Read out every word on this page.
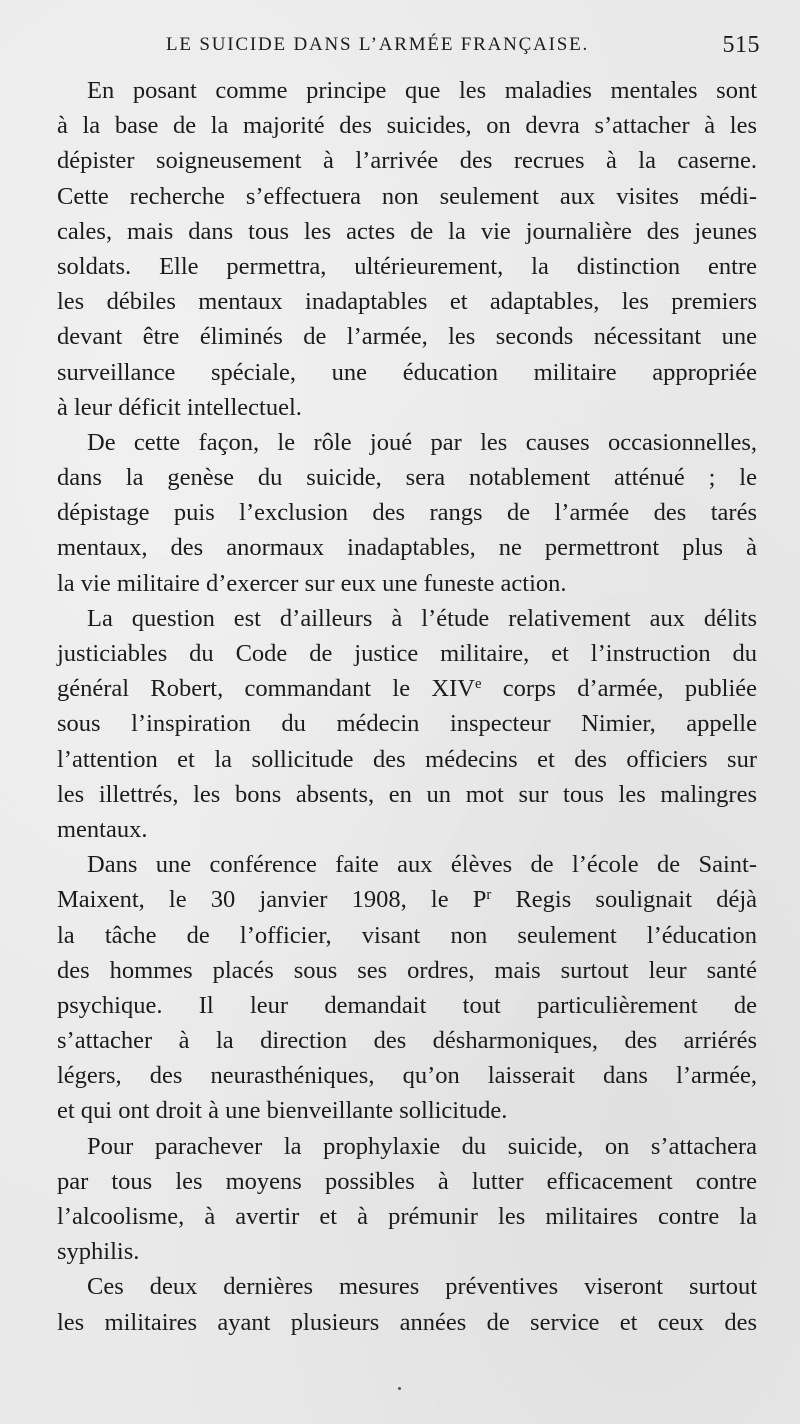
LE SUICIDE DANS L’ARMÉE FRANÇAISE.	515
En posant comme principe que les maladies mentales sont
à la base de la majorité des suicides, on devra s’attacher à les
dépister soigneusement à l’arrivée des recrues à la caserne.
Cette recherche s’effectuera non seulement aux visites médi-
cales, mais dans tous les actes de la vie journalière des jeunes
soldats. Elle permettra, ultérieurement, la distinction entre
les débiles mentaux inadaptables et adaptables, les premiers
devant être éliminés de l’armée, les seconds nécessitant une
surveillance spéciale, une éducation militaire appropriée
à leur déficit intellectuel.
De cette façon, le rôle joué par les causes occasionnelles,
dans la genèse du suicide, sera notablement atténué ; le
dépistage puis l’exclusion des rangs de l’armée des tarés
mentaux, des anormaux inadaptables, ne permettront plus à
la vie militaire d’exercer sur eux une funeste action.
La question est d’ailleurs à l’étude relativement aux délits
justiciables du Code de justice militaire, et l’instruction du
général Robert, commandant le XIVe corps d’armée, publiée
sous l’inspiration du médecin inspecteur Nimier, appelle
l’attention et la sollicitude des médecins et des officiers sur
les illettrés, les bons absents, en un mot sur tous les malingres
mentaux.
Dans une conférence faite aux élèves de l’école de Saint-
Maixent, le 30 janvier 1908, le $P^r$ Regis soulignait déjà
la tâche de l’officier, visant non seulement l’éducation
des hommes placés sous ses ordres, mais surtout leur santé
psychique. Il leur demandait tout particulièrement de
s’attacher à la direction des désharmoniques, des arriérés
légers, des neurasthéniques, qu’on laisserait dans l’armée,
et qui ont droit à une bienveillante sollicitude.
Pour parachever la prophylaxie du suicide, on s’attachera
par tous les moyens possibles à lutter efficacement contre
l’alcoolisme, à avertir et à prémunir les militaires contre la
syphilis.
Ces deux dernières mesures préventives viseront surtout
les militaires ayant plusieurs années de service et ceux des
